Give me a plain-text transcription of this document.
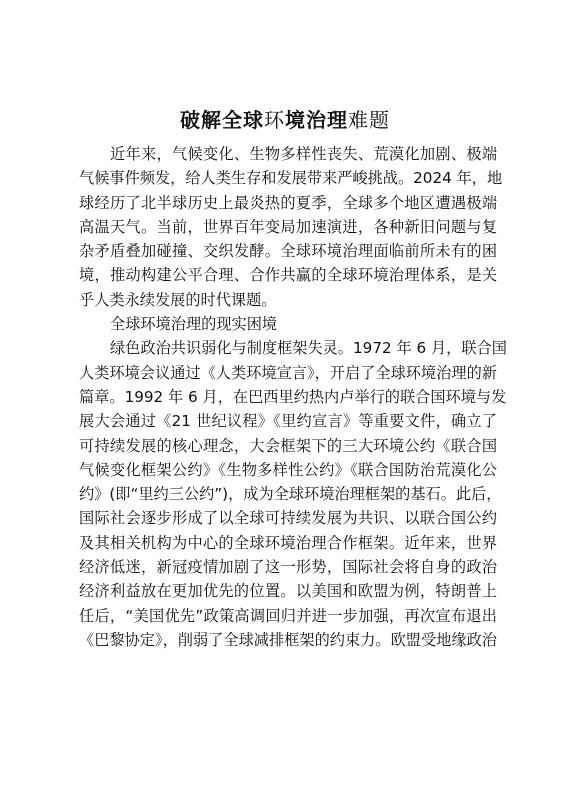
破解全球环境治理难题
近年来，气候变化、生物多样性丧失、荒漠化加剧、极端
气候事件频发，给人类生存和发展带来严峻挑战。2024 年，地
球经历了北半球历史上最炎热的夏季，全球多个地区遭遇极端
高温天气。当前，世界百年变局加速演进，各种新旧问题与复
杂矛盾叠加碰撞、交织发酵。全球环境治理面临前所未有的困
境，推动构建公平合理、合作共赢的全球环境治理体系，是关
乎人类永续发展的时代课题。
全球环境治理的现实困境
绿色政治共识弱化与制度框架失灵。1972 年 6 月，联合国
人类环境会议通过《人类环境宣言》，开启了全球环境治理的新
篇章。1992 年 6 月，在巴西里约热内卢举行的联合国环境与发
展大会通过《21 世纪议程》《里约宣言》等重要文件，确立了
可持续发展的核心理念，大会框架下的三大环境公约《联合国
气候变化框架公约》《生物多样性公约》《联合国防治荒漠化公
约》(即“里约三公约”)，成为全球环境治理框架的基石。此后，
国际社会逐步形成了以全球可持续发展为共识、以联合国公约
及其相关机构为中心的全球环境治理合作框架。近年来，世界
经济低迷，新冠疫情加剧了这一形势，国际社会将自身的政治
经济利益放在更加优先的位置。以美国和欧盟为例，特朗普上
任后，“美国优先”政策高调回归并进一步加强，再次宣布退出
《巴黎协定》，削弱了全球减排框架的约束力。欧盟受地缘政治
